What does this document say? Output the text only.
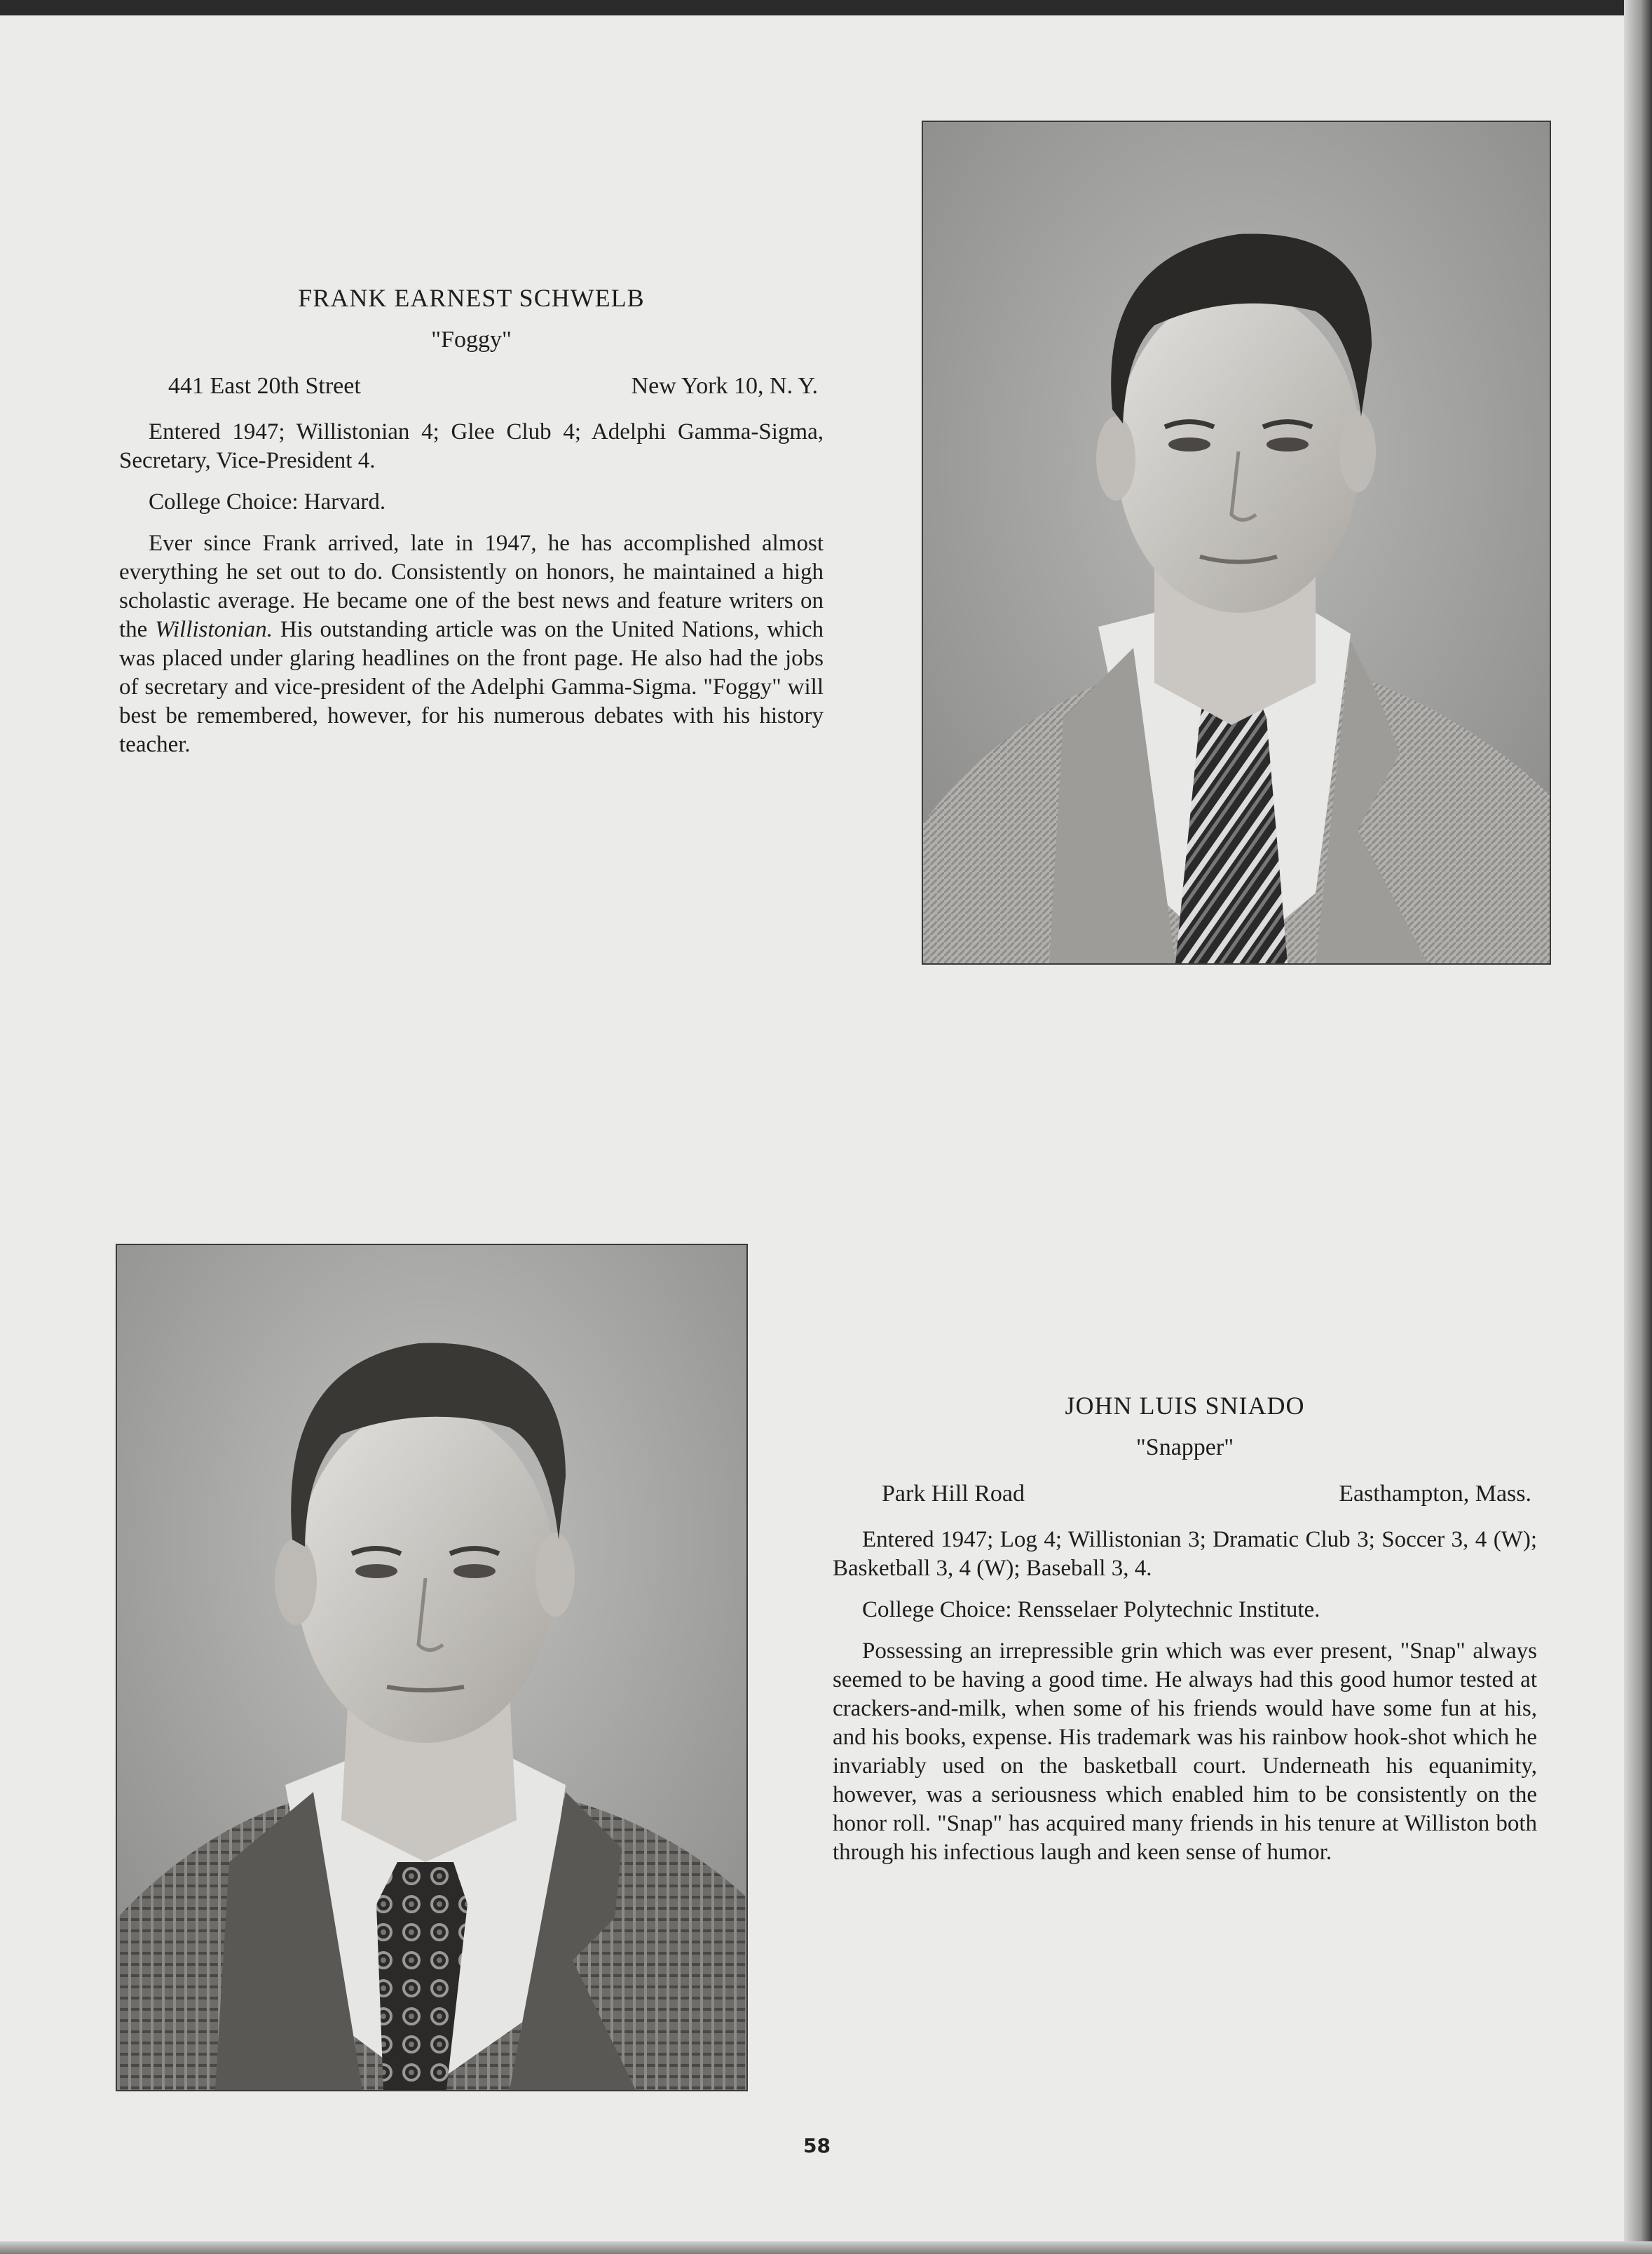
FRANK EARNEST SCHWELB

"Foggy"

441 East 20th Street	New York 10, N. Y.

Entered 1947; Willistonian 4; Glee Club 4; Adelphi Gamma-Sigma, Secretary, Vice-President 4.

College Choice: Harvard.

Ever since Frank arrived, late in 1947, he has accomplished almost everything he set out to do. Consistently on honors, he maintained a high scholastic average. He became one of the best news and feature writers on the Willistonian. His outstanding article was on the United Nations, which was placed under glaring headlines on the front page. He also had the jobs of secretary and vice-president of the Adelphi Gamma-Sigma. "Foggy" will best be remembered, however, for his numerous debates with his history teacher.

JOHN LUIS SNIADO

"Snapper"

Park Hill Road	Easthampton, Mass.

Entered 1947; Log 4; Willistonian 3; Dramatic Club 3; Soccer 3, 4 (W); Basketball 3, 4 (W); Baseball 3, 4.

College Choice: Rensselaer Polytechnic Institute.

Possessing an irrepressible grin which was ever present, "Snap" always seemed to be having a good time. He always had this good humor tested at crackers-and-milk, when some of his friends would have some fun at his, and his books, expense. His trademark was his rainbow hook-shot which he invariably used on the basketball court. Underneath his equanimity, however, was a seriousness which enabled him to be consistently on the honor roll. "Snap" has acquired many friends in his tenure at Williston both through his infectious laugh and keen sense of humor.

58
